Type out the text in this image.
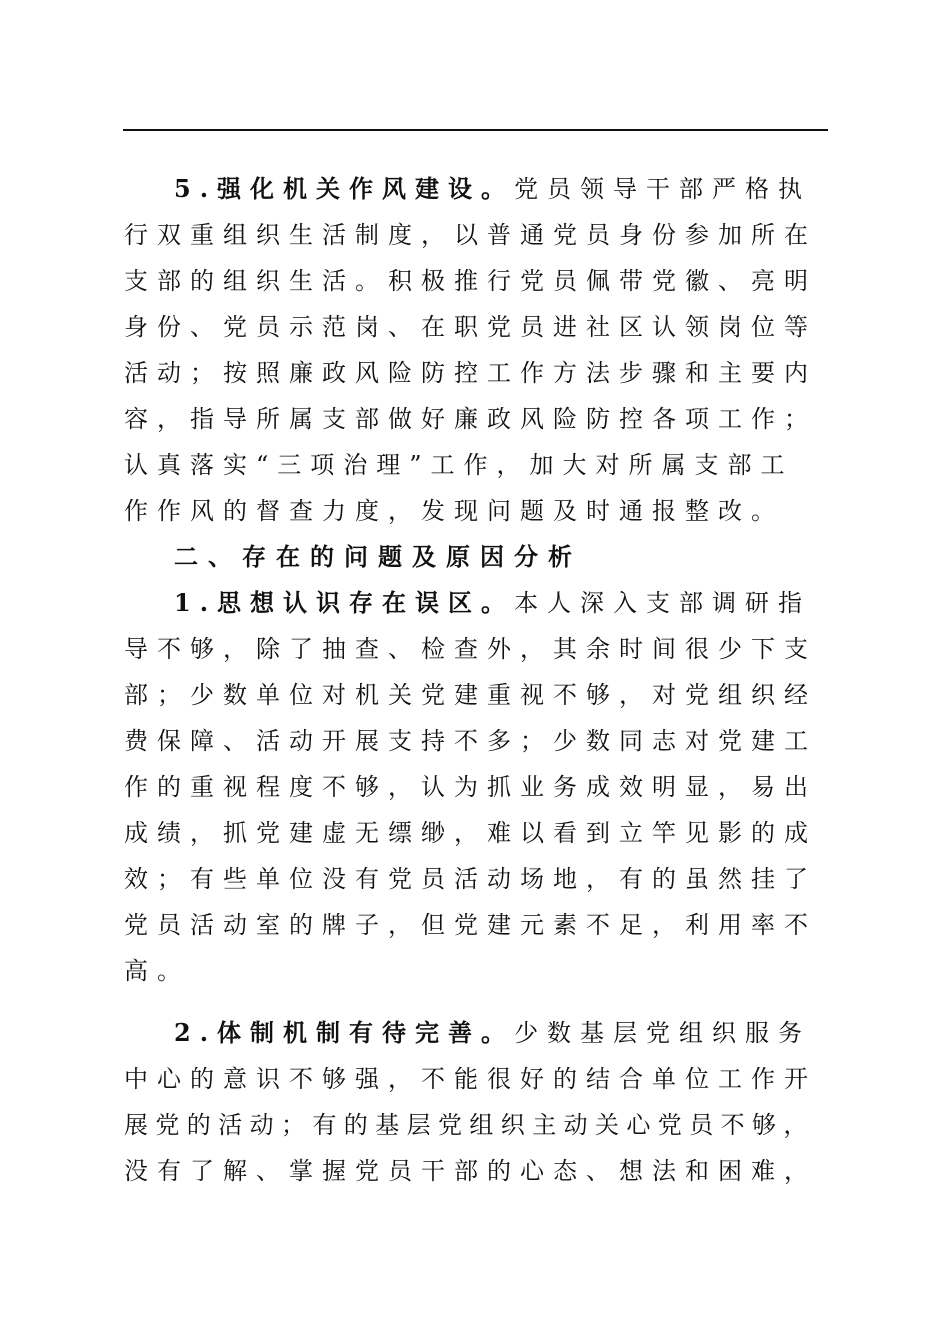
5.强化机关作风建设。党员领导干部严格执
行双重组织生活制度，以普通党员身份参加所在
支部的组织生活。积极推行党员佩带党徽、亮明
身份、党员示范岗、在职党员进社区认领岗位等
活动；按照廉政风险防控工作方法步骤和主要内
容，指导所属支部做好廉政风险防控各项工作；
认真落实“三项治理”工作，加大对所属支部工
作作风的督查力度，发现问题及时通报整改。
二、存在的问题及原因分析
1.思想认识存在误区。本人深入支部调研指
导不够，除了抽查、检查外，其余时间很少下支
部；少数单位对机关党建重视不够，对党组织经
费保障、活动开展支持不多；少数同志对党建工
作的重视程度不够，认为抓业务成效明显，易出
成绩，抓党建虚无缥缈，难以看到立竿见影的成
效；有些单位没有党员活动场地，有的虽然挂了
党员活动室的牌子，但党建元素不足，利用率不
高。
2.体制机制有待完善。少数基层党组织服务
中心的意识不够强，不能很好的结合单位工作开
展党的活动；有的基层党组织主动关心党员不够，
没有了解、掌握党员干部的心态、想法和困难，
